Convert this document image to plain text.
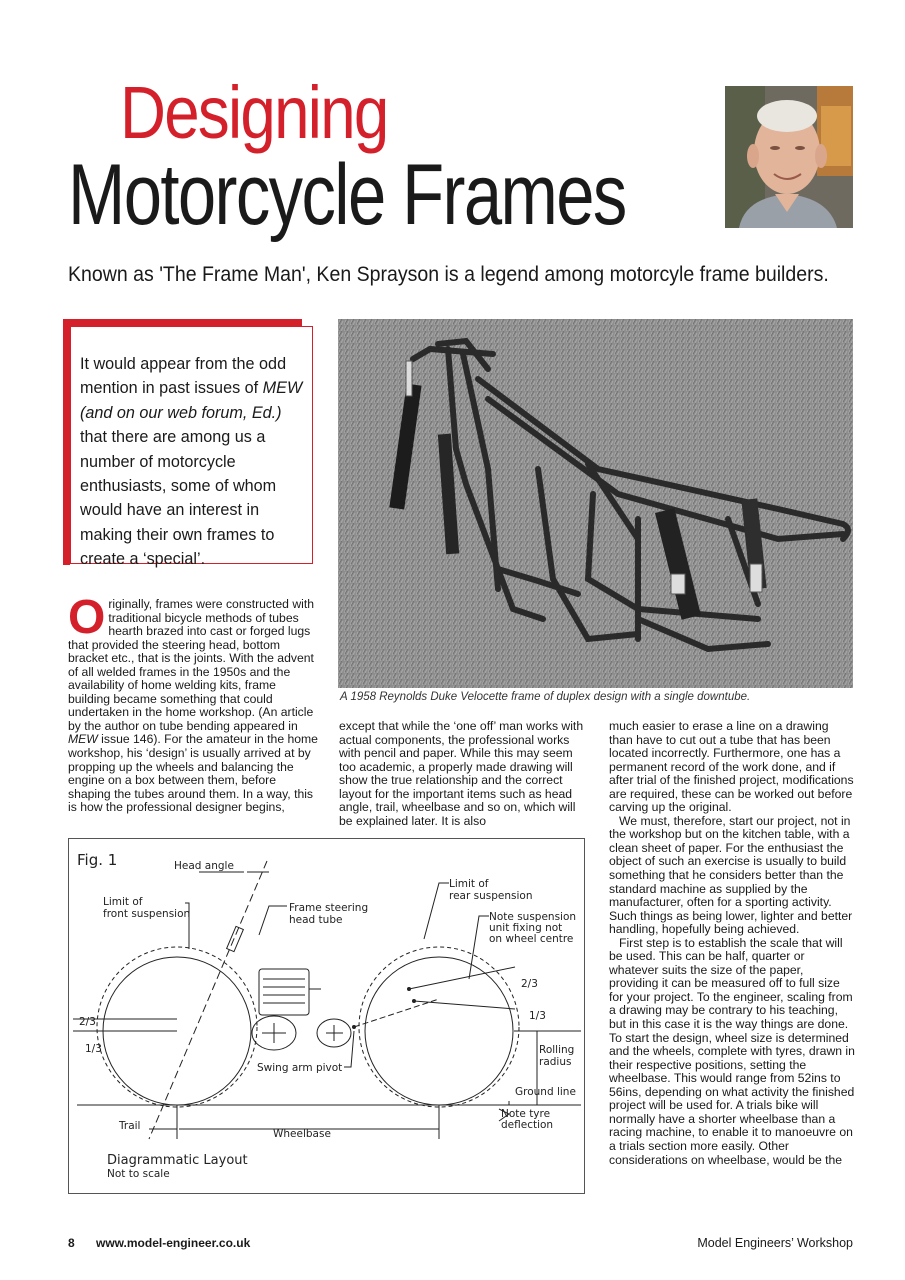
Designing
Motorcycle Frames
Known as 'The Frame Man', Ken Sprayson is a legend among motorcyle frame builders.
It would appear from the odd mention in past issues of MEW (and on our web forum, Ed.) that there are among us a number of motorcycle enthusiasts, some of whom would have an interest in making their own frames to create a ‘special’.
A 1958 Reynolds Duke Velocette frame of duplex design with a single downtube.
Originally, frames were constructed with traditional bicycle methods of tubes hearth brazed into cast or forged lugs that provided the steering head, bottom bracket etc., that is the joints. With the advent of all welded frames in the 1950s and the availability of home welding kits, frame building became something that could undertaken in the home workshop. (An article by the author on tube bending appeared in MEW issue 146). For the amateur in the home workshop, his ‘design’ is usually arrived at by propping up the wheels and balancing the engine on a box between them, before shaping the tubes around them. In a way, this is how the professional designer begins,
except that while the ‘one off’ man works with actual components, the professional works with pencil and paper. While this may seem too academic, a properly made drawing will show the true relationship and the correct layout for the important items such as head angle, trail, wheelbase and so on, which will be explained later. It is also

much easier to erase a line on a drawing than have to cut out a tube that has been located incorrectly. Furthermore, one has a permanent record of the work done, and if after trial of the finished project, modifications are required, these can be worked out before carving up the original.

We must, therefore, start our project, not in the workshop but on the kitchen table, with a clean sheet of paper. For the enthusiast the object of such an exercise is usually to build something that he considers better than the standard machine as supplied by the manufacturer, often for a sporting activity. Such things as being lower, lighter and better handling, hopefully being achieved.

First step is to establish the scale that will be used. This can be half, quarter or whatever suits the size of the paper, providing it can be measured off to full size for your project. To the engineer, scaling from a drawing may be contrary to his teaching, but in this case it is the way things are done. To start the design, wheel size is determined and the wheels, complete with tyres, drawn in their respective positions, setting the wheelbase. This would range from 52ins to 56ins, depending on what activity the finished project will be used for. A trials bike will normally have a shorter wheelbase than a racing machine, to enable it to manoeuvre on a trials section more easily. Other considerations on wheelbase, would be the

Fig. 1	Head angle
Limit of
front suspension	Frame steering
head tube
Limit of
rear suspension
Note suspension
unit fixing not
on wheel centre
2/3
1/3
2/3
1/3
Swing arm pivot
Rolling
radius
Ground line
Note tyre
deflection
Trail
Wheelbase
Diagrammatic Layout
Not to scale
8 www.model-engineer.co.uk	Model Engineers’ Workshop
